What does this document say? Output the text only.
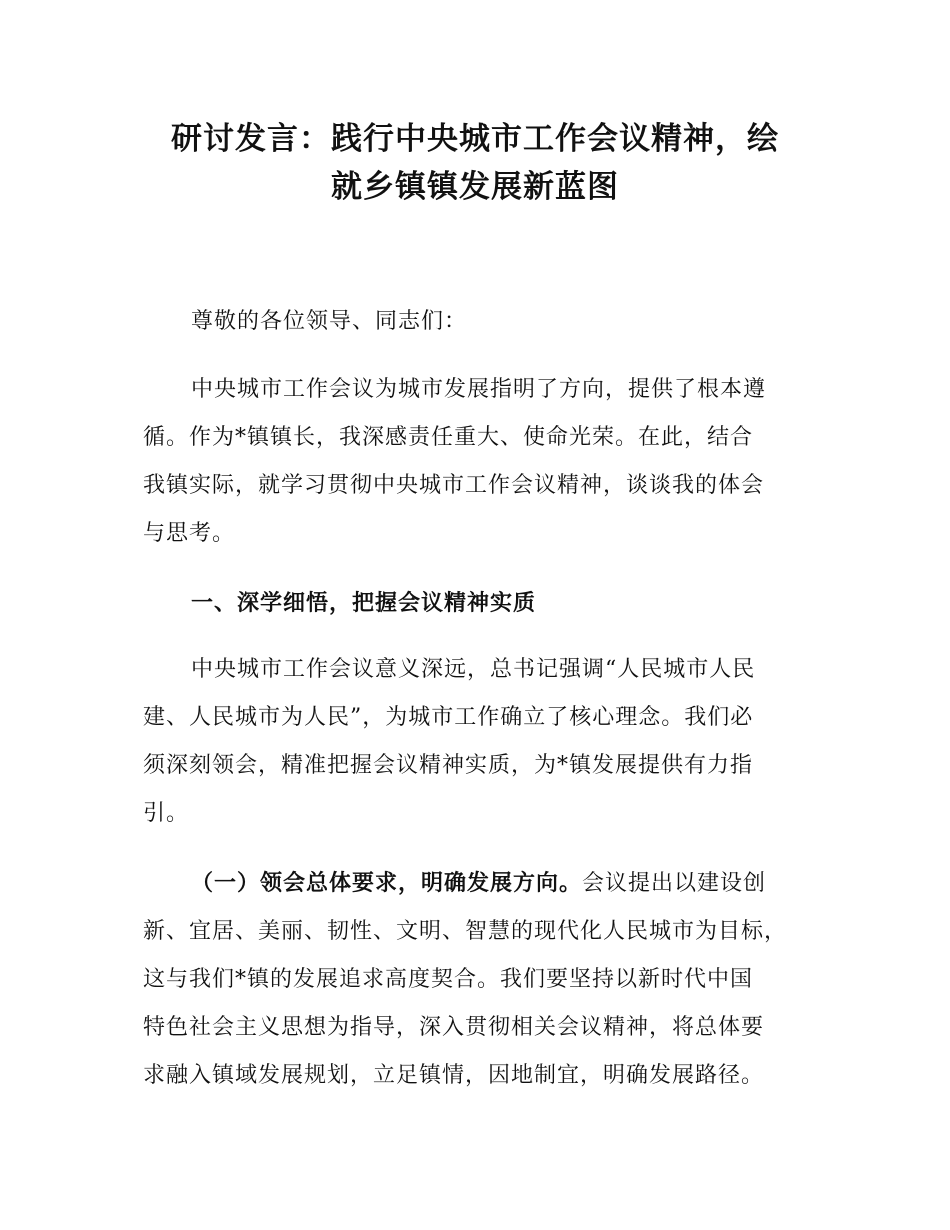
研讨发言：践行中央城市工作会议精神，绘
就乡镇镇发展新蓝图
尊敬的各位领导、同志们：
中央城市工作会议为城市发展指明了方向，提供了根本遵
循。作为*镇镇长，我深感责任重大、使命光荣。在此，结合
我镇实际，就学习贯彻中央城市工作会议精神，谈谈我的体会
与思考。
一、深学细悟，把握会议精神实质
中央城市工作会议意义深远，总书记强调“人民城市人民
建、人民城市为人民”，为城市工作确立了核心理念。我们必
须深刻领会，精准把握会议精神实质，为*镇发展提供有力指
引。
（一）领会总体要求，明确发展方向。会议提出以建设创
新、宜居、美丽、韧性、文明、智慧的现代化人民城市为目标，
这与我们*镇的发展追求高度契合。我们要坚持以新时代中国
特色社会主义思想为指导，深入贯彻相关会议精神，将总体要
求融入镇域发展规划，立足镇情，因地制宜，明确发展路径。
